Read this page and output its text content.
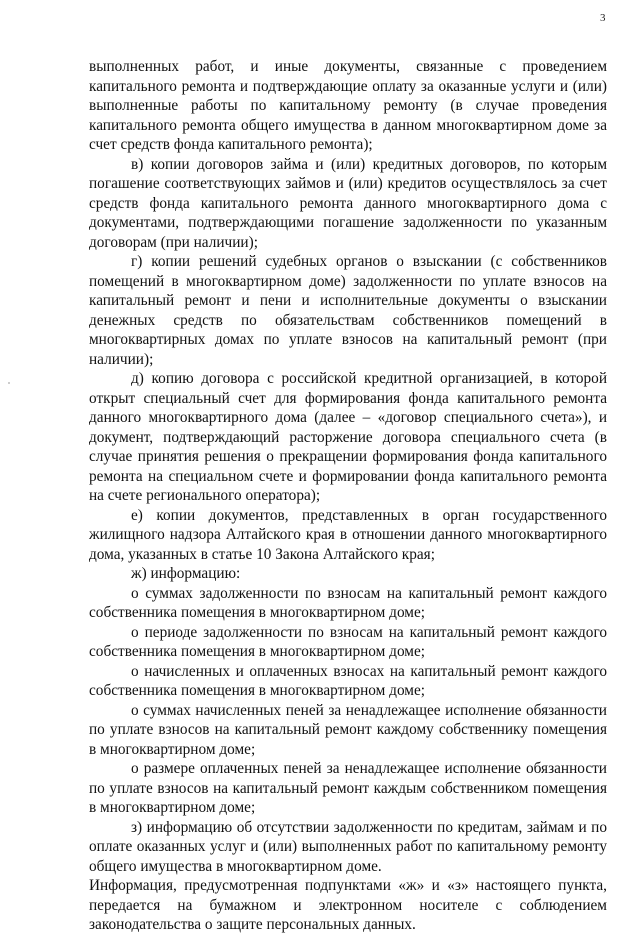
3

выполненных работ, и иные документы, связанные с проведением капитального ремонта и подтверждающие оплату за оказанные услуги и (или) выполненные работы по капитальному ремонту (в случае проведения капитального ремонта общего имущества в данном многоквартирном доме за счет средств фонда капитального ремонта);

в) копии договоров займа и (или) кредитных договоров, по которым погашение соответствующих займов и (или) кредитов осуществлялось за счет средств фонда капитального ремонта данного многоквартирного дома с документами, подтверждающими погашение задолженности по указанным договорам (при наличии);

г) копии решений судебных органов о взыскании (с собственников помещений в многоквартирном доме) задолженности по уплате взносов на капитальный ремонт и пени и исполнительные документы о взыскании денежных средств по обязательствам собственников помещений в многоквартирных домах по уплате взносов на капитальный ремонт (при наличии);

д) копию договора с российской кредитной организацией, в которой открыт специальный счет для формирования фонда капитального ремонта данного многоквартирного дома (далее – «договор специального счета»), и документ, подтверждающий расторжение договора специального счета (в случае принятия решения о прекращении формирования фонда капитального ремонта на специальном счете и формировании фонда капитального ремонта на счете регионального оператора);

е) копии документов, представленных в орган государственного жилищного надзора Алтайского края в отношении данного многоквартирного дома, указанных в статье 10 Закона Алтайского края;

ж) информацию:

о суммах задолженности по взносам на капитальный ремонт каждого собственника помещения в многоквартирном доме;

о периоде задолженности по взносам на капитальный ремонт каждого собственника помещения в многоквартирном доме;

о начисленных и оплаченных взносах на капитальный ремонт каждого собственника помещения в многоквартирном доме;

о суммах начисленных пеней за ненадлежащее исполнение обязанности по уплате взносов на капитальный ремонт каждому собственнику помещения в многоквартирном доме;

о размере оплаченных пеней за ненадлежащее исполнение обязанности по уплате взносов на капитальный ремонт каждым собственником помещения в многоквартирном доме;

з) информацию об отсутствии задолженности по кредитам, займам и по оплате оказанных услуг и (или) выполненных работ по капитальному ремонту общего имущества в многоквартирном доме.

Информация, предусмотренная подпунктами «ж» и «з» настоящего пункта, передается на бумажном и электронном носителе с соблюдением законодательства о защите персональных данных.
